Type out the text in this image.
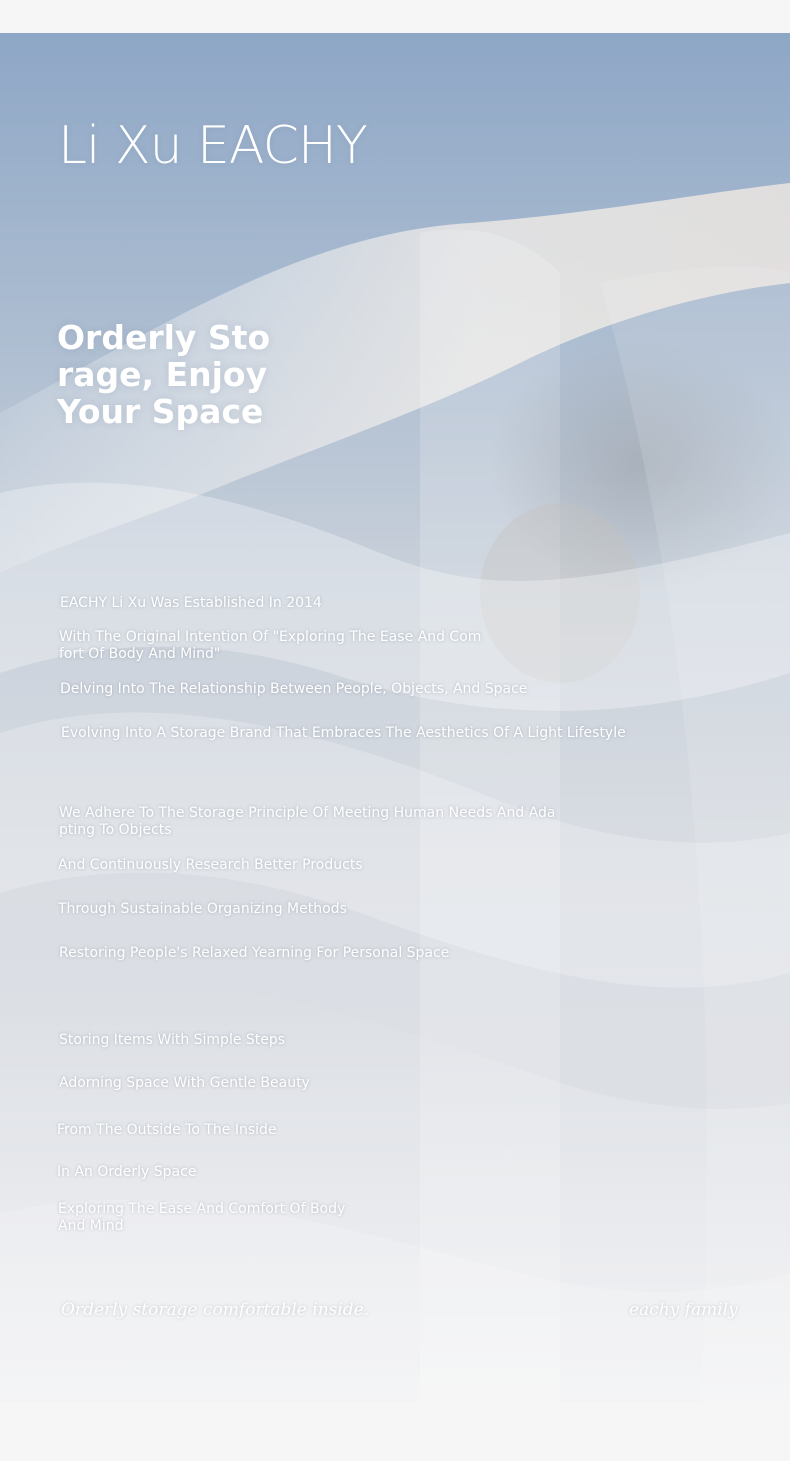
Li Xu EACHY
Orderly Sto
rage, Enjoy
Your Space
EACHY Li Xu Was Established In 2014
With The Original Intention Of "Exploring The Ease And Com
fort Of Body And Mind"
Delving Into The Relationship Between People, Objects, And Space
Evolving Into A Storage Brand That Embraces The Aesthetics Of A Light Lifestyle
We Adhere To The Storage Principle Of Meeting Human Needs And Ada
pting To Objects
And Continuously Research Better Products
Through Sustainable Organizing Methods
Restoring People's Relaxed Yearning For Personal Space
Storing Items With Simple Steps
Adorning Space With Gentle Beauty
From The Outside To The Inside
In An Orderly Space
Exploring The Ease And Comfort Of Body
And Mind
Orderly storage comfortable inside.	eachy family
